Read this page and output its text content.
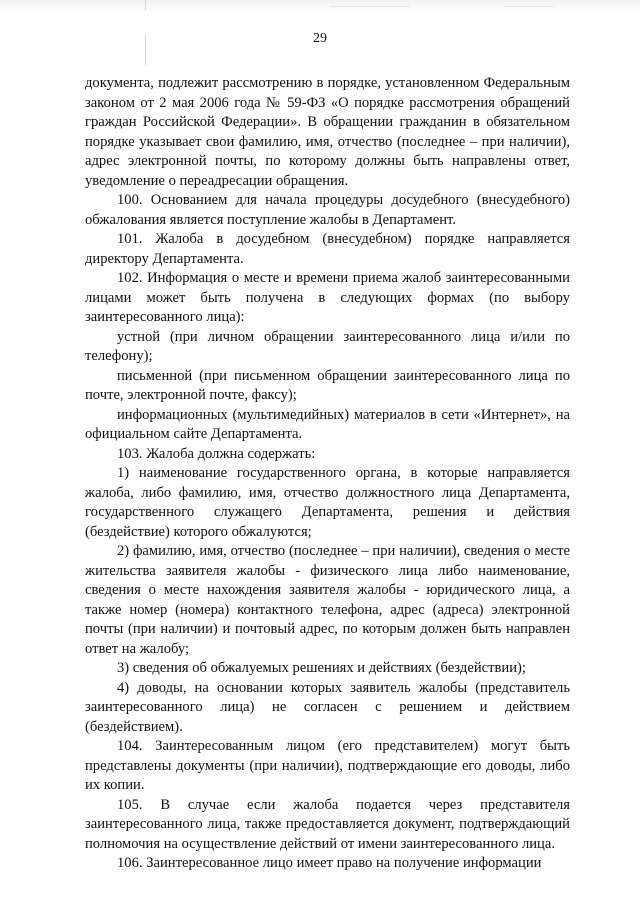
29

документа, подлежит рассмотрению в порядке, установленном Федеральным законом от 2 мая 2006 года № 59-ФЗ «О порядке рассмотрения обращений граждан Российской Федерации». В обращении гражданин в обязательном порядке указывает свои фамилию, имя, отчество (последнее – при наличии), адрес электронной почты, по которому должны быть направлены ответ, уведомление о переадресации обращения.

100. Основанием для начала процедуры досудебного (внесудебного) обжалования является поступление жалобы в Департамент.

101. Жалоба в досудебном (внесудебном) порядке направляется директору Департамента.

102. Информация о месте и времени приема жалоб заинтересованными лицами может быть получена в следующих формах (по выбору заинтересованного лица):

устной (при личном обращении заинтересованного лица и/или по телефону);

письменной (при письменном обращении заинтересованного лица по почте, электронной почте, факсу);

информационных (мультимедийных) материалов в сети «Интернет», на официальном сайте Департамента.

103. Жалоба должна содержать:

1) наименование государственного органа, в которые направляется жалоба, либо фамилию, имя, отчество должностного лица Департамента, государственного служащего Департамента, решения и действия (бездействие) которого обжалуются;

2) фамилию, имя, отчество (последнее – при наличии), сведения о месте жительства заявителя жалобы - физического лица либо наименование, сведения о месте нахождения заявителя жалобы - юридического лица, а также номер (номера) контактного телефона, адрес (адреса) электронной почты (при наличии) и почтовый адрес, по которым должен быть направлен ответ на жалобу;

3) сведения об обжалуемых решениях и действиях (бездействии);

4) доводы, на основании которых заявитель жалобы (представитель заинтересованного лица) не согласен с решением и действием (бездействием).

104. Заинтересованным лицом (его представителем) могут быть представлены документы (при наличии), подтверждающие его доводы, либо их копии.

105. В случае если жалоба подается через представителя заинтересованного лица, также предоставляется документ, подтверждающий полномочия на осуществление действий от имени заинтересованного лица.

106. Заинтересованное лицо имеет право на получение информации
